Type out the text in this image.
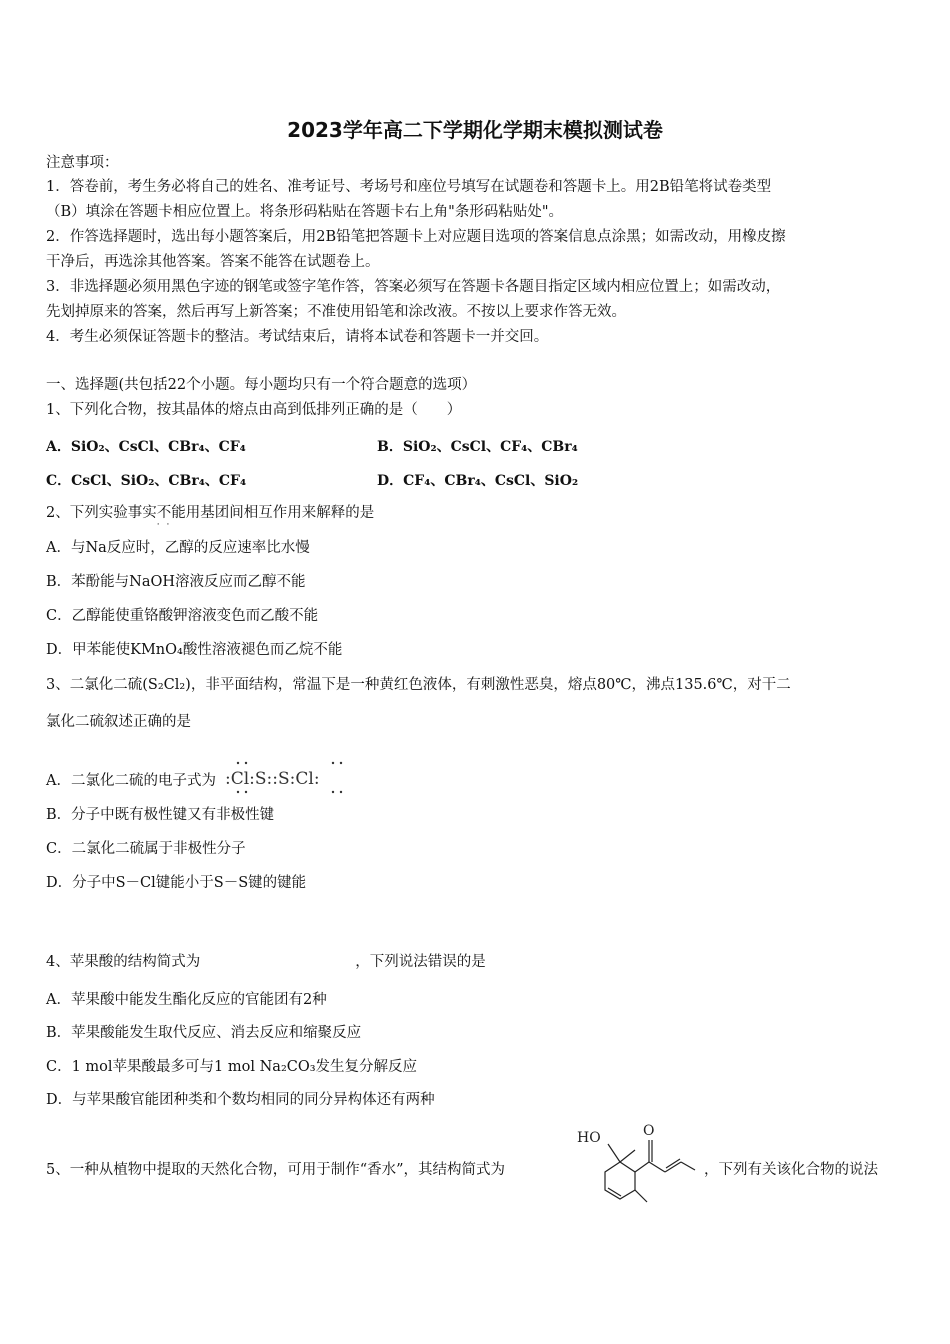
2023学年高二下学期化学期末模拟测试卷
注意事项：
1．答卷前，考生务必将自己的姓名、准考证号、考场号和座位号填写在试题卷和答题卡上。用2B铅笔将试卷类型
（B）填涂在答题卡相应位置上。将条形码粘贴在答题卡右上角"条形码粘贴处"。
2．作答选择题时，选出每小题答案后，用2B铅笔把答题卡上对应题目选项的答案信息点涂黑；如需改动，用橡皮擦
干净后，再选涂其他答案。答案不能答在试题卷上。
3．非选择题必须用黑色字迹的钢笔或签字笔作答，答案必须写在答题卡各题目指定区域内相应位置上；如需改动，
先划掉原来的答案，然后再写上新答案；不准使用铅笔和涂改液。不按以上要求作答无效。
4．考生必须保证答题卡的整洁。考试结束后，请将本试卷和答题卡一并交回。
一、选择题(共包括22个小题。每小题均只有一个符合题意的选项）
1、下列化合物，按其晶体的熔点由高到低排列正确的是（　　）
A．SiO₂、CsCl、CBr₄、CF₄	B．SiO₂、CsCl、CF₄、CBr₄
C．CsCl、SiO₂、CBr₄、CF₄	D．CF₄、CBr₄、CsCl、SiO₂
2、下列实验事实不能 · ·用基团间相互作用来解释的是
A．与Na反应时，乙醇的反应速率比水慢
B．苯酚能与NaOH溶液反应而乙醇不能
C．乙醇能使重铬酸钾溶液变色而乙酸不能
D．甲苯能使KMnO₄酸性溶液褪色而乙烷不能
3、二氯化二硫(S₂Cl₂)，非平面结构，常温下是一种黄红色液体，有刺激性恶臭，熔点80℃，沸点135.6℃，对干二
氯化二硫叙述正确的是
A．二氯化二硫的电子式为 :Cl:S::S:Cl:
B．分子中既有极性键又有非极性键
C．二氯化二硫属于非极性分子
D．分子中S－Cl键能小于S－S键的键能
4、苹果酸的结构简式为	，下列说法错误的是
A．苹果酸中能发生酯化反应的官能团有2种
B．苹果酸能发生取代反应、消去反应和缩聚反应
C．1 mol苹果酸最多可与1 mol Na₂CO₃发生复分解反应
D．与苹果酸官能团种类和个数均相同的同分异构体还有两种
5、一种从植物中提取的天然化合物，可用于制作“香水”，其结构简式为	，下列有关该化合物的说法
HO	O
